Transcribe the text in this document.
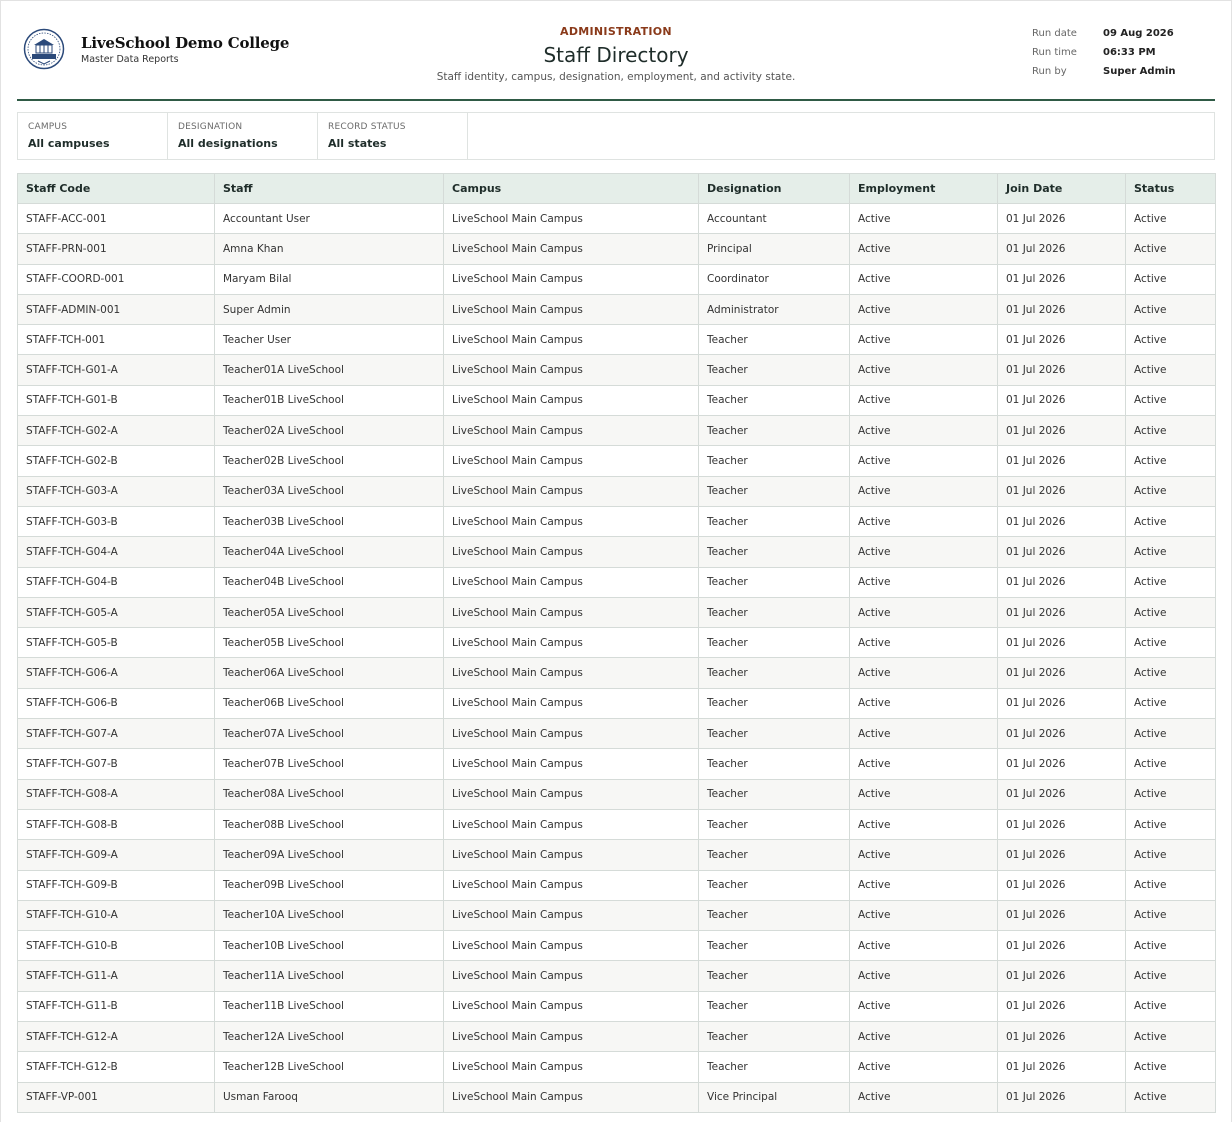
LiveSchool Demo College
Master Data Reports
ADMINISTRATION
Staff Directory
Staff identity, campus, designation, employment, and activity state.
Run date	09 Aug 2026
Run time	06:33 PM
Run by	Super Admin
CAMPUS
All campuses
DESIGNATION
All designations
RECORD STATUS
All states
Staff Code	Staff	Campus	Designation	Employment	Join Date	Status
STAFF-ACC-001	Accountant User	LiveSchool Main Campus	Accountant	Active	01 Jul 2026	Active
STAFF-PRN-001	Amna Khan	LiveSchool Main Campus	Principal	Active	01 Jul 2026	Active
STAFF-COORD-001	Maryam Bilal	LiveSchool Main Campus	Coordinator	Active	01 Jul 2026	Active
STAFF-ADMIN-001	Super Admin	LiveSchool Main Campus	Administrator	Active	01 Jul 2026	Active
STAFF-TCH-001	Teacher User	LiveSchool Main Campus	Teacher	Active	01 Jul 2026	Active
STAFF-TCH-G01-A	Teacher01A LiveSchool	LiveSchool Main Campus	Teacher	Active	01 Jul 2026	Active
STAFF-TCH-G01-B	Teacher01B LiveSchool	LiveSchool Main Campus	Teacher	Active	01 Jul 2026	Active
STAFF-TCH-G02-A	Teacher02A LiveSchool	LiveSchool Main Campus	Teacher	Active	01 Jul 2026	Active
STAFF-TCH-G02-B	Teacher02B LiveSchool	LiveSchool Main Campus	Teacher	Active	01 Jul 2026	Active
STAFF-TCH-G03-A	Teacher03A LiveSchool	LiveSchool Main Campus	Teacher	Active	01 Jul 2026	Active
STAFF-TCH-G03-B	Teacher03B LiveSchool	LiveSchool Main Campus	Teacher	Active	01 Jul 2026	Active
STAFF-TCH-G04-A	Teacher04A LiveSchool	LiveSchool Main Campus	Teacher	Active	01 Jul 2026	Active
STAFF-TCH-G04-B	Teacher04B LiveSchool	LiveSchool Main Campus	Teacher	Active	01 Jul 2026	Active
STAFF-TCH-G05-A	Teacher05A LiveSchool	LiveSchool Main Campus	Teacher	Active	01 Jul 2026	Active
STAFF-TCH-G05-B	Teacher05B LiveSchool	LiveSchool Main Campus	Teacher	Active	01 Jul 2026	Active
STAFF-TCH-G06-A	Teacher06A LiveSchool	LiveSchool Main Campus	Teacher	Active	01 Jul 2026	Active
STAFF-TCH-G06-B	Teacher06B LiveSchool	LiveSchool Main Campus	Teacher	Active	01 Jul 2026	Active
STAFF-TCH-G07-A	Teacher07A LiveSchool	LiveSchool Main Campus	Teacher	Active	01 Jul 2026	Active
STAFF-TCH-G07-B	Teacher07B LiveSchool	LiveSchool Main Campus	Teacher	Active	01 Jul 2026	Active
STAFF-TCH-G08-A	Teacher08A LiveSchool	LiveSchool Main Campus	Teacher	Active	01 Jul 2026	Active
STAFF-TCH-G08-B	Teacher08B LiveSchool	LiveSchool Main Campus	Teacher	Active	01 Jul 2026	Active
STAFF-TCH-G09-A	Teacher09A LiveSchool	LiveSchool Main Campus	Teacher	Active	01 Jul 2026	Active
STAFF-TCH-G09-B	Teacher09B LiveSchool	LiveSchool Main Campus	Teacher	Active	01 Jul 2026	Active
STAFF-TCH-G10-A	Teacher10A LiveSchool	LiveSchool Main Campus	Teacher	Active	01 Jul 2026	Active
STAFF-TCH-G10-B	Teacher10B LiveSchool	LiveSchool Main Campus	Teacher	Active	01 Jul 2026	Active
STAFF-TCH-G11-A	Teacher11A LiveSchool	LiveSchool Main Campus	Teacher	Active	01 Jul 2026	Active
STAFF-TCH-G11-B	Teacher11B LiveSchool	LiveSchool Main Campus	Teacher	Active	01 Jul 2026	Active
STAFF-TCH-G12-A	Teacher12A LiveSchool	LiveSchool Main Campus	Teacher	Active	01 Jul 2026	Active
STAFF-TCH-G12-B	Teacher12B LiveSchool	LiveSchool Main Campus	Teacher	Active	01 Jul 2026	Active
STAFF-VP-001	Usman Farooq	LiveSchool Main Campus	Vice Principal	Active	01 Jul 2026	Active
